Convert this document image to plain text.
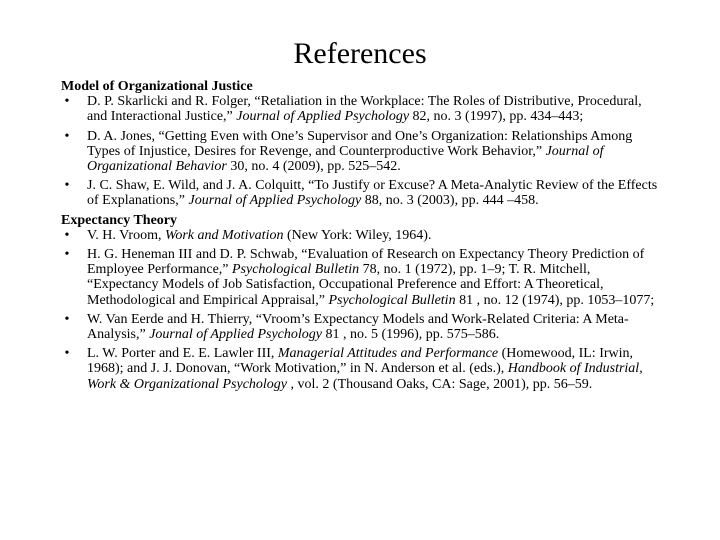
References

Model of Organizational Justice

• D. P. Skarlicki and R. Folger, “Retaliation in the Workplace: The Roles of Distributive, Procedural, and Interactional Justice,” Journal of Applied Psychology 82, no. 3 (1997), pp. 434–443;
• D. A. Jones, “Getting Even with One’s Supervisor and One’s Organization: Relationships Among Types of Injustice, Desires for Revenge, and Counterproductive Work Behavior,” Journal of Organizational Behavior 30, no. 4 (2009), pp. 525–542.
• J. C. Shaw, E. Wild, and J. A. Colquitt, “To Justify or Excuse? A Meta-Analytic Review of the Effects of Explanations,” Journal of Applied Psychology 88, no. 3 (2003), pp. 444 –458.

Expectancy Theory

• V. H. Vroom, Work and Motivation (New York: Wiley, 1964).
• H. G. Heneman III and D. P. Schwab, “Evaluation of Research on Expectancy Theory Prediction of Employee Performance,” Psychological Bulletin 78, no. 1 (1972), pp. 1–9; T. R. Mitchell, “Expectancy Models of Job Satisfaction, Occupational Preference and Effort: A Theoretical, Methodological and Empirical Appraisal,” Psychological Bulletin 81 , no. 12 (1974), pp. 1053–1077;
• W. Van Eerde and H. Thierry, “Vroom’s Expectancy Models and Work-Related Criteria: A Meta-Analysis,” Journal of Applied Psychology 81 , no. 5 (1996), pp. 575–586.
• L. W. Porter and E. E. Lawler III, Managerial Attitudes and Performance (Homewood, IL: Irwin, 1968); and J. J. Donovan, “Work Motivation,” in N. Anderson et al. (eds.), Handbook of Industrial, Work & Organizational Psychology , vol. 2 (Thousand Oaks, CA: Sage, 2001), pp. 56–59.
